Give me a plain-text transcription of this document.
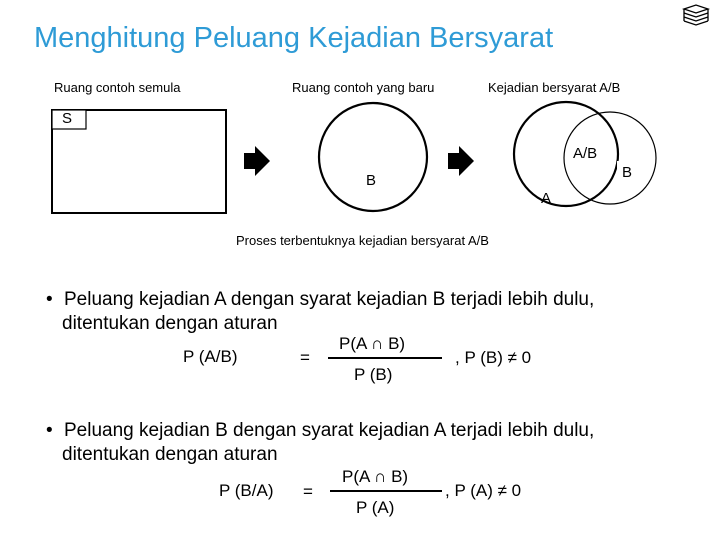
Menghitung Peluang Kejadian Bersyarat
Ruang contoh semula	Ruang contoh yang baru	Kejadian bersyarat A/B
S
B
A/B
B
A
Proses terbentuknya kejadian bersyarat A/B
• Peluang kejadian A dengan syarat kejadian B terjadi lebih dulu,
ditentukan dengan aturan
P (A/B)	=
P(A ∩ B)
P (B)
, P (B) ≠ 0
• Peluang kejadian B dengan syarat kejadian A terjadi lebih dulu,
ditentukan dengan aturan
P (B/A) =
P(A ∩ B)
P (A)
, P (A) ≠ 0
